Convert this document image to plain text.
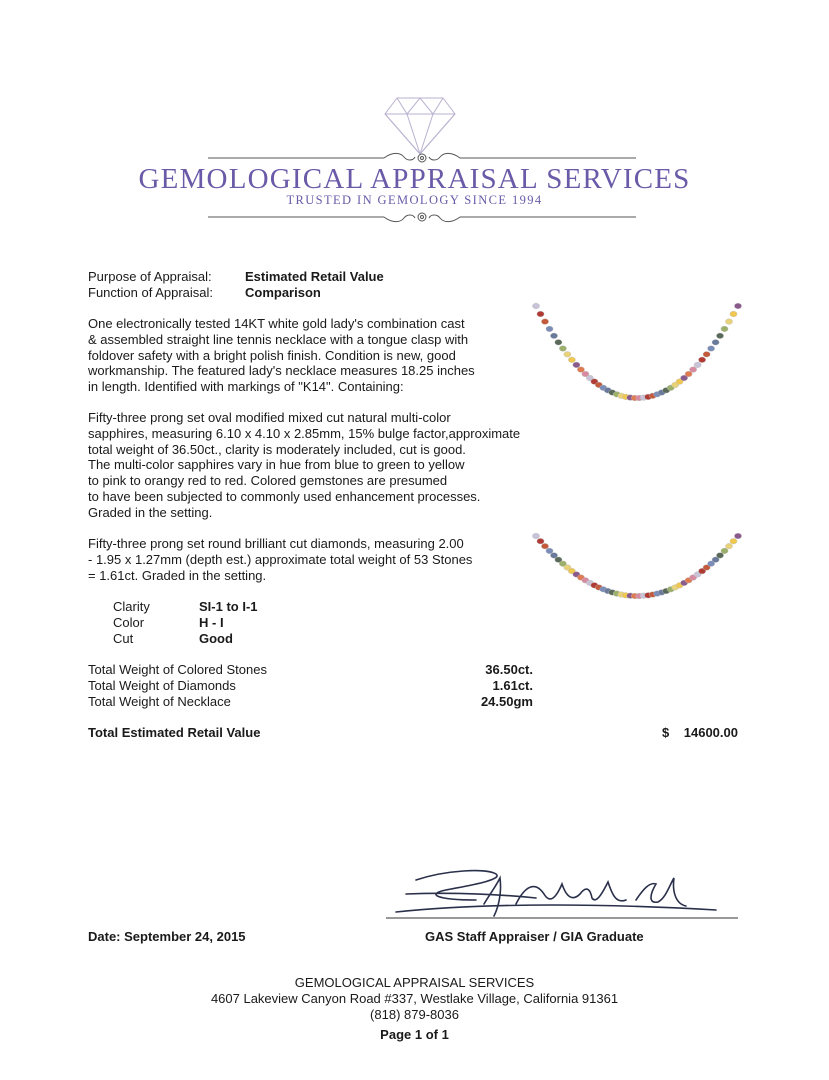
GEMOLOGICAL APPRAISAL SERVICES
TRUSTED IN GEMOLOGY SINCE 1994
Purpose of Appraisal:	Estimated Retail Value
Function of Appraisal: Comparison
One electronically tested 14KT white gold lady's combination cast
& assembled straight line tennis necklace with a tongue clasp with
foldover safety with a bright polish finish. Condition is new, good
workmanship. The featured lady's necklace measures 18.25 inches
in length. Identified with markings of "K14". Containing:
Fifty-three prong set oval modified mixed cut natural multi-color
sapphires, measuring 6.10 x 4.10 x 2.85mm, 15% bulge factor,approximate
total weight of 36.50ct., clarity is moderately included, cut is good.
The multi-color sapphires vary in hue from blue to green to yellow
to pink to orangy red to red. Colored gemstones are presumed
to have been subjected to commonly used enhancement processes.
Graded in the setting.
Fifty-three prong set round brilliant cut diamonds, measuring 2.00
- 1.95 x 1.27mm (depth est.) approximate total weight of 53 Stones
= 1.61ct. Graded in the setting.
Clarity	SI-1 to I-1
Color	H - I
Cut	Good
Total Weight of Colored Stones	36.50ct.
Total Weight of Diamonds	1.61ct.
Total Weight of Necklace	24.50gm
Total Estimated Retail Value	$	14600.00
Date: September 24, 2015	GAS Staff Appraiser / GIA Graduate
GEMOLOGICAL APPRAISAL SERVICES
4607 Lakeview Canyon Road #337, Westlake Village, California 91361
(818) 879-8036
Page 1 of 1
